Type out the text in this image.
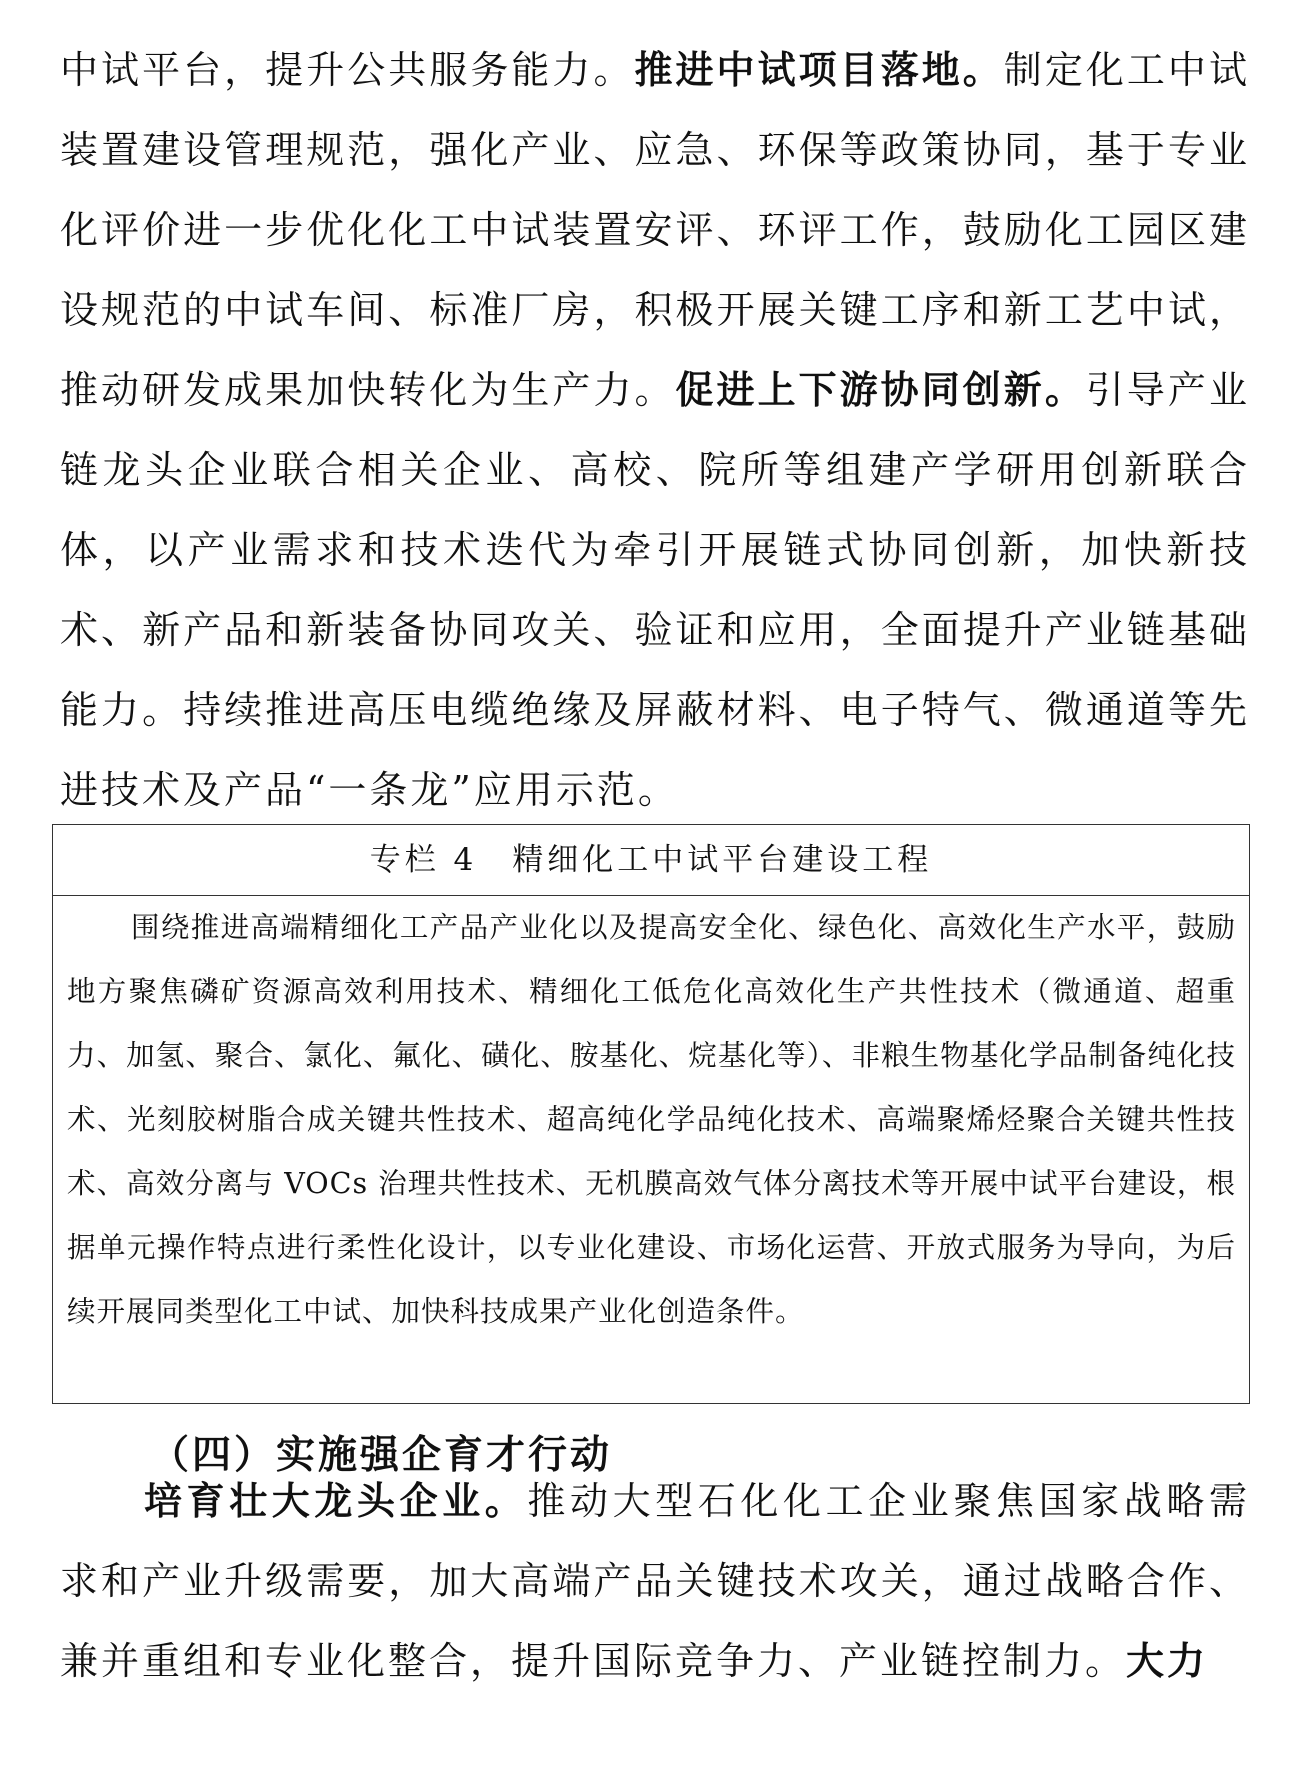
中试平台，提升公共服务能力。推进中试项目落地。制定化工中试装置建设管理规范，强化产业、应急、环保等政策协同，基于专业化评价进一步优化化工中试装置安评、环评工作，鼓励化工园区建设规范的中试车间、标准厂房，积极开展关键工序和新工艺中试，推动研发成果加快转化为生产力。促进上下游协同创新。引导产业链龙头企业联合相关企业、高校、院所等组建产学研用创新联合体，以产业需求和技术迭代为牵引开展链式协同创新，加快新技术、新产品和新装备协同攻关、验证和应用，全面提升产业链基础能力。持续推进高压电缆绝缘及屏蔽材料、电子特气、微通道等先进技术及产品“一条龙”应用示范。

专栏 4　精细化工中试平台建设工程

围绕推进高端精细化工产品产业化以及提高安全化、绿色化、高效化生产水平，鼓励地方聚焦磷矿资源高效利用技术、精细化工低危化高效化生产共性技术（微通道、超重力、加氢、聚合、氯化、氟化、磺化、胺基化、烷基化等）、非粮生物基化学品制备纯化技术、光刻胶树脂合成关键共性技术、超高纯化学品纯化技术、高端聚烯烃聚合关键共性技术、高效分离与 VOCs 治理共性技术、无机膜高效气体分离技术等开展中试平台建设，根据单元操作特点进行柔性化设计，以专业化建设、市场化运营、开放式服务为导向，为后续开展同类型化工中试、加快科技成果产业化创造条件。

（四）实施强企育才行动

培育壮大龙头企业。推动大型石化化工企业聚焦国家战略需求和产业升级需要，加大高端产品关键技术攻关，通过战略合作、兼并重组和专业化整合，提升国际竞争力、产业链控制力。大力
